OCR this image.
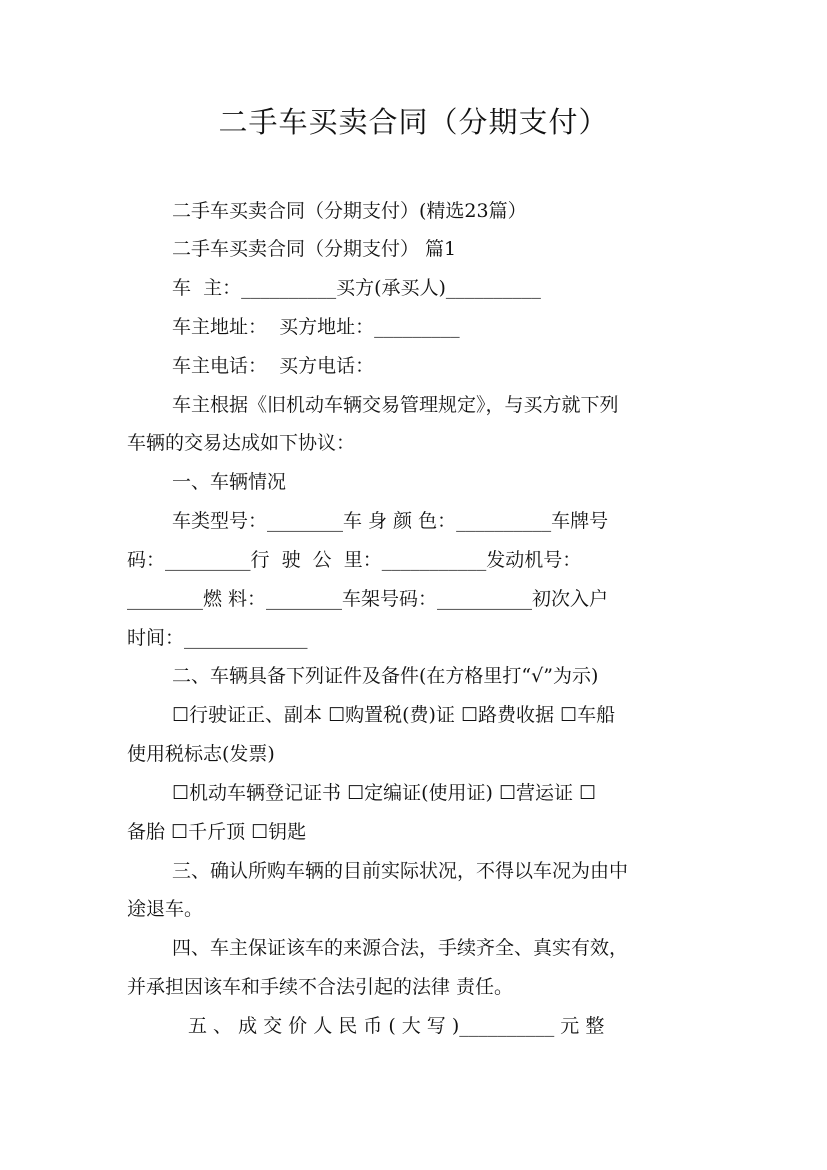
二手车买卖合同（分期支付）
二手车买卖合同（分期支付）(精选23篇）
二手车买卖合同（分期支付） 篇1
车  主：__________买方(承买人)__________
车主地址：  买方地址：_________
车主电话：  买方电话：
车主根据《旧机动车辆交易管理规定》，与买方就下列
车辆的交易达成如下协议：
一、车辆情况
车类型号：________车 身 颜 色：__________车牌号
码：_________行  驶  公  里：___________发动机号：
________燃 料：________车架号码：__________初次入户
时间：_____________
二、车辆具备下列证件及备件(在方格里打“√”为示)
☐行驶证正、副本 ☐购置税(费)证 ☐路费收据 ☐车船
使用税标志(发票)
☐机动车辆登记证书 ☐定编证(使用证) ☐营运证 ☐
备胎 ☐千斤顶 ☐钥匙
三、确认所购车辆的目前实际状况，不得以车况为由中
途退车。
四、车主保证该车的来源合法，手续齐全、真实有效，
并承担因该车和手续不合法引起的法律 责任。
五 、 成 交 价 人 民 币 ( 大 写 )__________ 元 整
